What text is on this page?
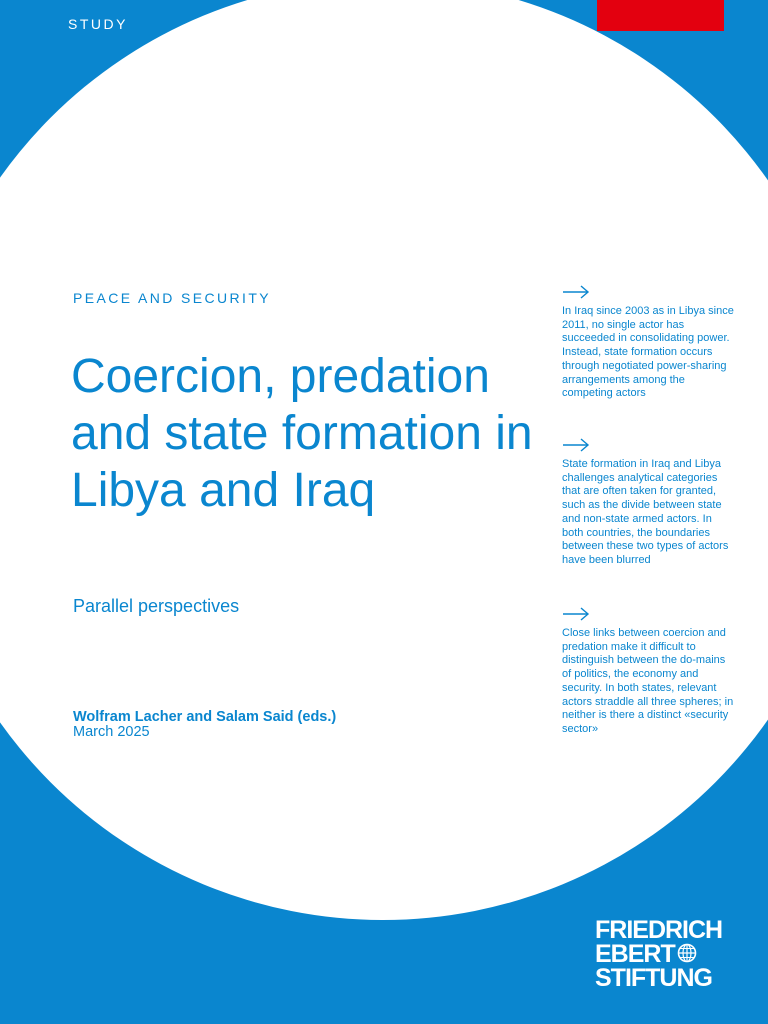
STUDY
PEACE AND SECURITY
Coercion, predation and state formation in Libya and Iraq
Parallel perspectives
Wolfram Lacher and Salam Said (eds.)
March 2025
In Iraq since 2003 as in Libya since 2011, no single actor has succeeded in consolidating power. Instead, state formation occurs through negotiated power-sharing arrangements among the competing actors
State formation in Iraq and Libya challenges analytical categories that are often taken for granted, such as the divide between state and non-state armed actors. In both countries, the boundaries between these two types of actors have been blurred
Close links between coercion and predation make it difficult to distinguish between the do-mains of politics, the economy and security. In both states, relevant actors straddle all three spheres; in neither is there a distinct «security sector»
FRIEDRICH
EBERT
STIFTUNG
